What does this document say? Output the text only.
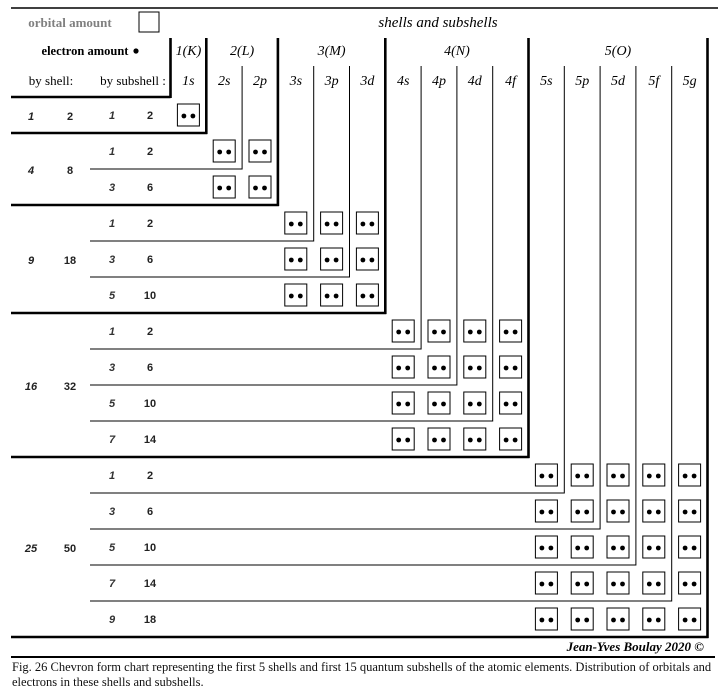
orbital amount
electron amount
by shell: by subshell :
shells and subshells
1(K)
1s
2(L)
2s 2p
3(M)
3s 3p 3d
4(N)
4s 4p 4d 4f
5(O)
5s 5p 5d 5f 5g
1	2	1	2
4	8
1	2
3	6
9	18
1	2
3	6
5	10
16 32
1	2
3	6
5	10
7	14
25 50
1	2
3	6
5	10
7	14
9	18
Jean-Yves Boulay 2020 ©
Fig. 26 Chevron form chart representing the first 5 shells and first 15 quantum subshells of the atomic elements. Distribution of orbitals and electrons in these shells and subshells.
